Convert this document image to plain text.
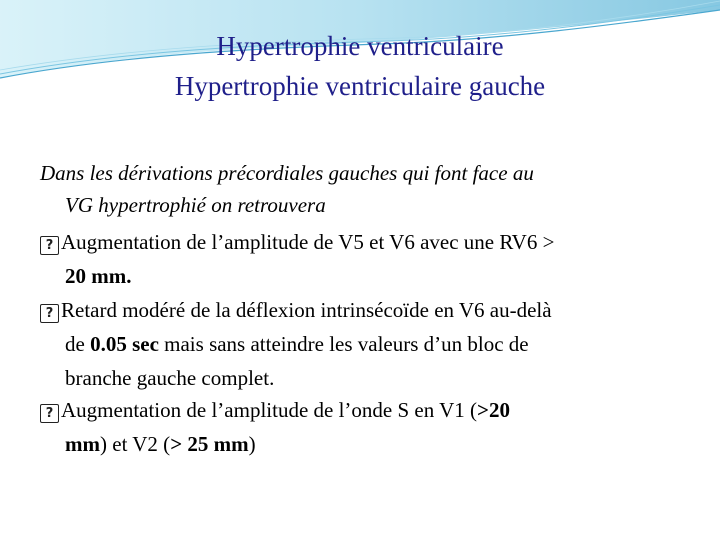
Hypertrophie ventriculaire
Hypertrophie ventriculaire gauche
Dans les dérivations précordiales gauches qui font face au
VG hypertrophié on retrouvera
? Augmentation de l’amplitude de V5 et V6 avec une RV6 >
20 mm.
? Retard modéré de la déflexion intrinsécoïde en V6 au-delà
de 0.05 sec mais sans atteindre les valeurs d’un bloc de
branche gauche complet.
? Augmentation de l’amplitude de l’onde S en V1 (>20
mm) et V2 (> 25 mm)
